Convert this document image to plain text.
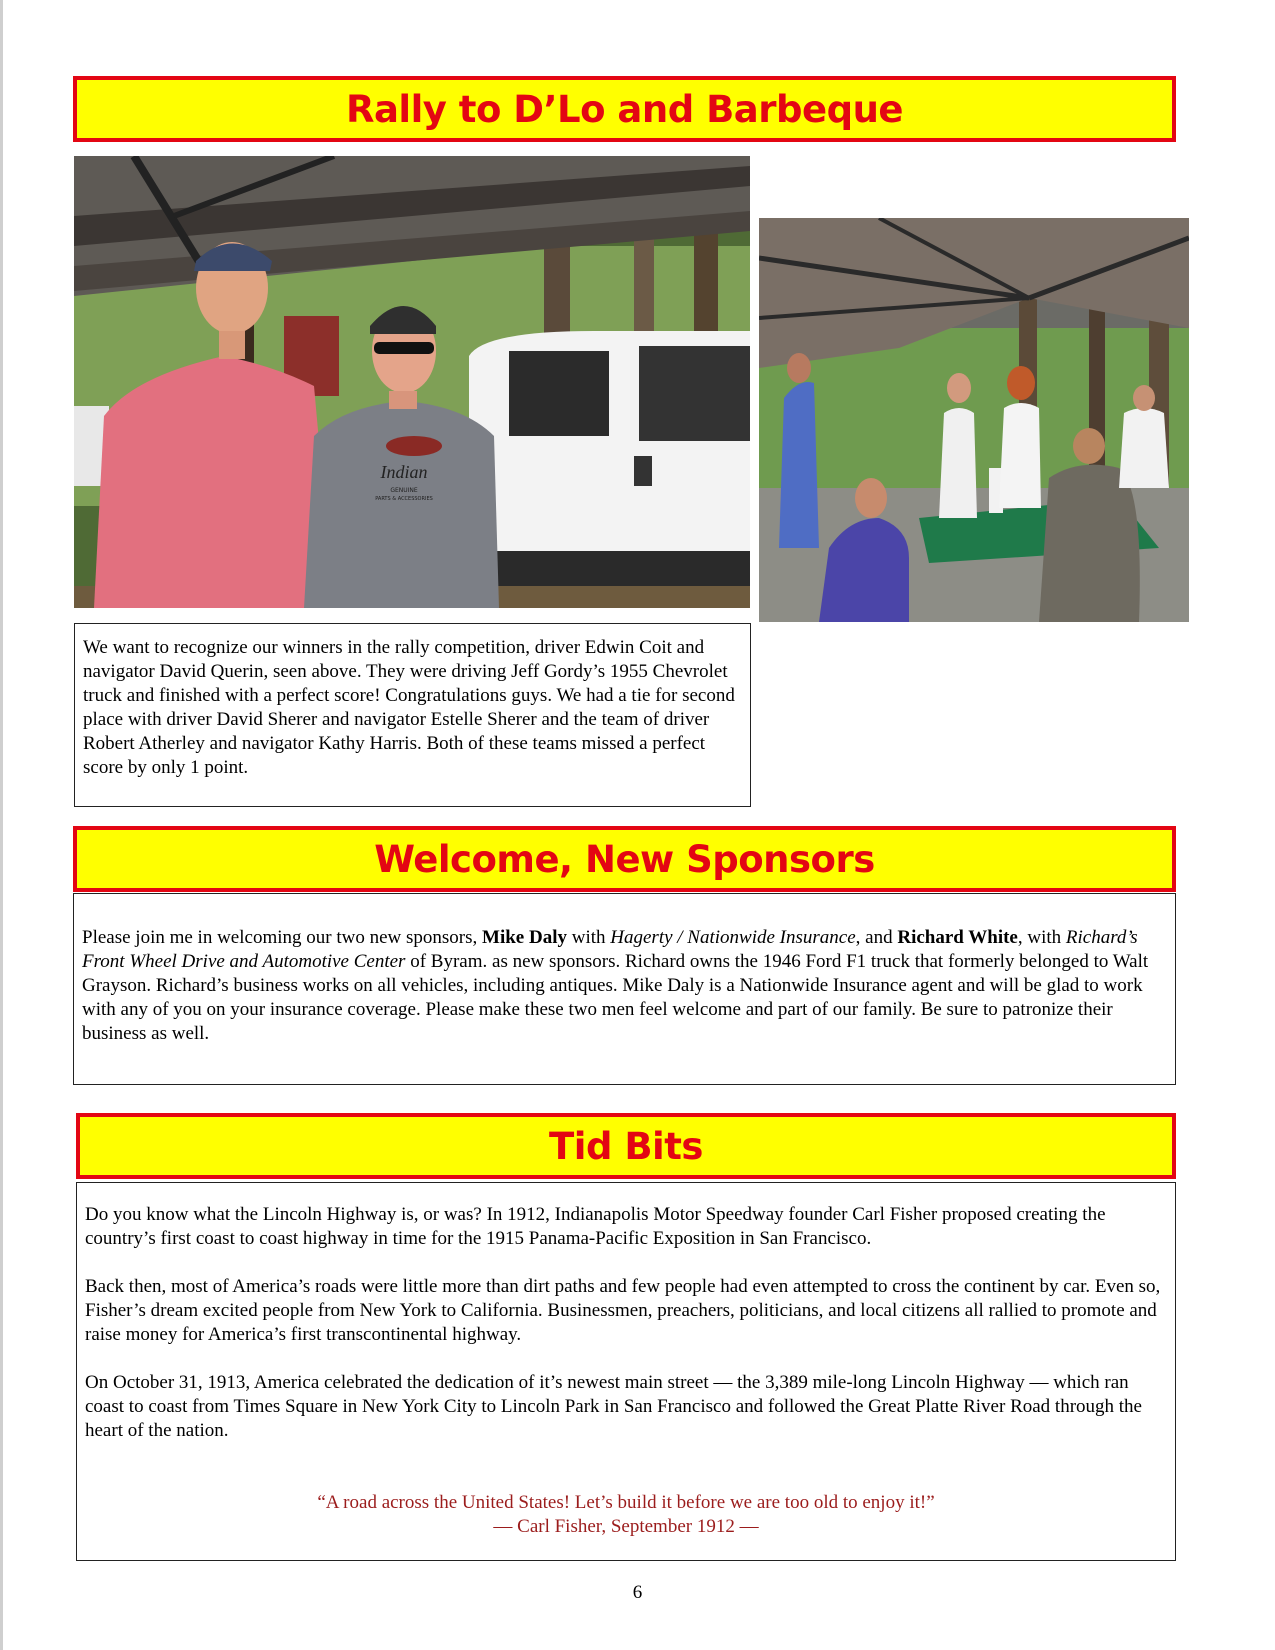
Rally to D’Lo and Barbeque
Indian
GENUINE
PARTS & ACCESSORIES

We want to recognize our winners in the rally competition, driver Edwin Coit and navigator David Querin, seen above. They were driving Jeff Gordy’s 1955 Chevrolet truck and finished with a perfect score! Congratulations guys. We had a tie for second place with driver David Sherer and navigator Estelle Sherer and the team of driver Robert Atherley and navigator Kathy Harris. Both of these teams missed a perfect score by only 1 point.

Welcome, New Sponsors

Please join me in welcoming our two new sponsors, Mike Daly with Hagerty / Nationwide Insurance, and Richard White, with Richard’s Front Wheel Drive and Automotive Center of Byram. as new sponsors. Richard owns the 1946 Ford F1 truck that formerly belonged to Walt Grayson. Richard’s business works on all vehicles, including antiques. Mike Daly is a Nationwide Insurance agent and will be glad to work with any of you on your insurance coverage. Please make these two men feel welcome and part of our family. Be sure to patronize their business as well.

Tid Bits

Do you know what the Lincoln Highway is, or was? In 1912, Indianapolis Motor Speedway founder Carl Fisher proposed creating the country’s first coast to coast highway in time for the 1915 Panama-Pacific Exposition in San Francisco.

Back then, most of America’s roads were little more than dirt paths and few people had even attempted to cross the continent by car. Even so, Fisher’s dream excited people from New York to California. Businessmen, preachers, politicians, and local citizens all rallied to promote and raise money for America’s first transcontinental highway.

On October 31, 1913, America celebrated the dedication of it’s newest main street — the 3,389 mile-long Lincoln Highway — which ran coast to coast from Times Square in New York City to Lincoln Park in San Francisco and followed the Great Platte River Road through the heart of the nation.

“A road across the United States! Let’s build it before we are too old to enjoy it!”

— Carl Fisher, September 1912 —

6
